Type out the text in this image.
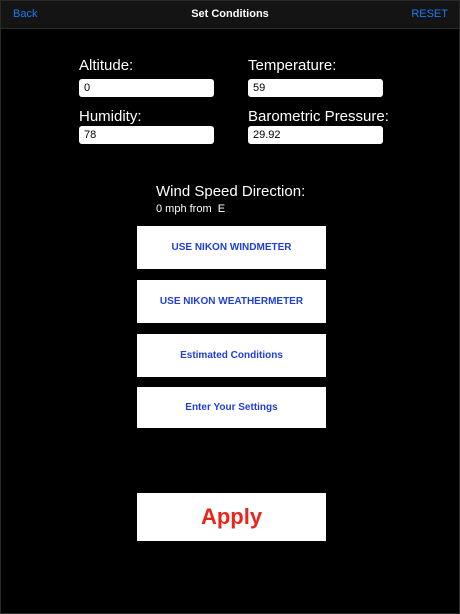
Back	Set Conditions	RESET
Altitude:
0	Temperature:
59
Humidity:
78	Barometric Pressure:
29.92
Wind Speed Direction:
0 mph from  E
USE NIKON WINDMETER
USE NIKON WEATHERMETER
Estimated Conditions
Enter Your Settings
Apply
